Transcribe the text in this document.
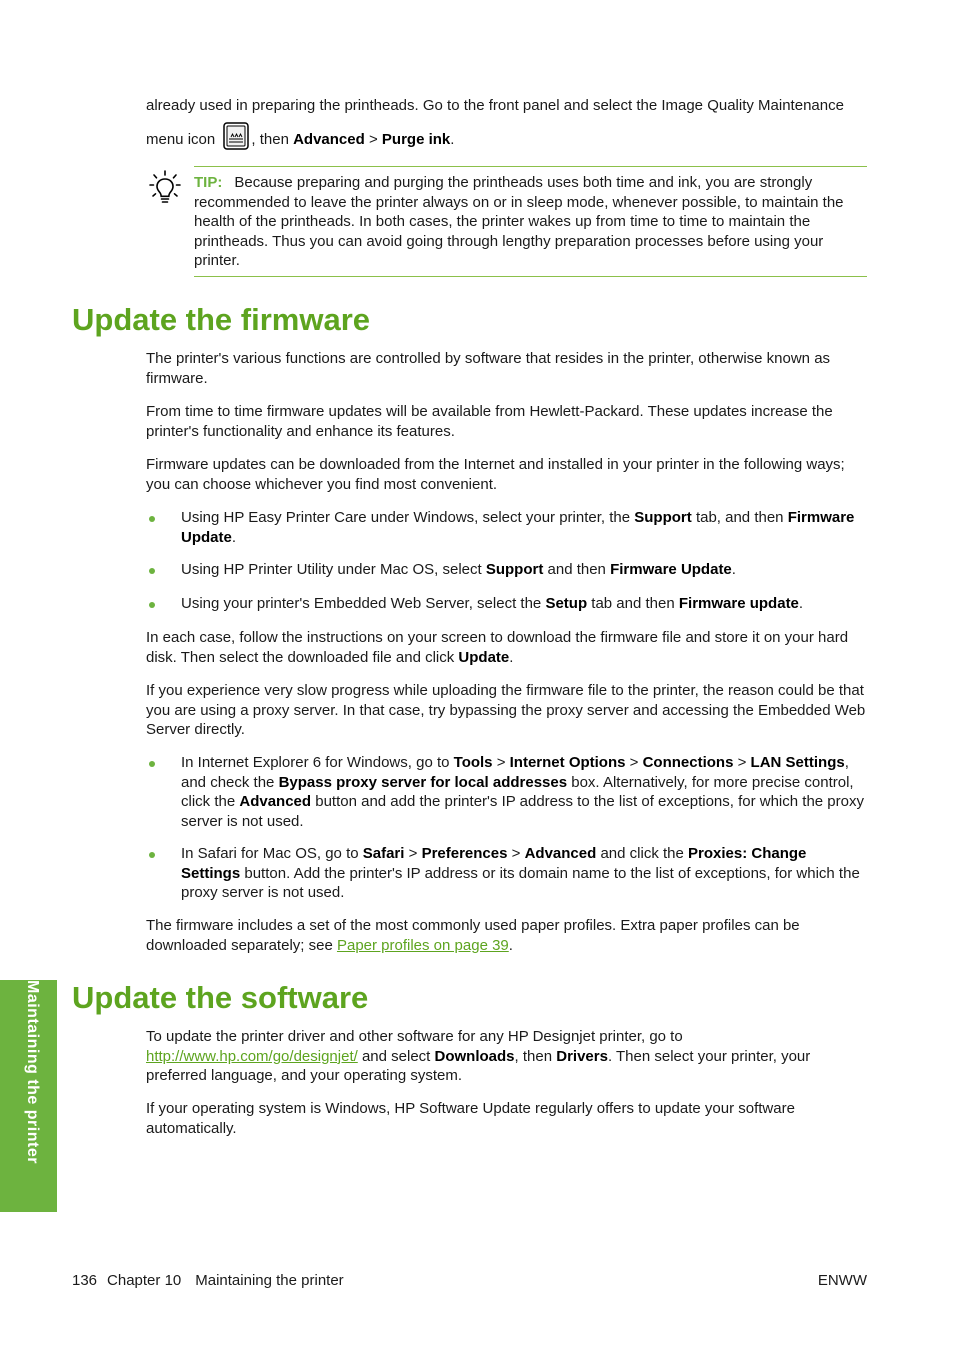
already used in preparing the printheads. Go to the front panel and select the Image Quality Maintenance

menu icon , then Advanced > Purge ink.

TIP: Because preparing and purging the printheads uses both time and ink, you are strongly recommended to leave the printer always on or in sleep mode, whenever possible, to maintain the health of the printheads. In both cases, the printer wakes up from time to time to maintain the printheads. Thus you can avoid going through lengthy preparation processes before using your printer.

Update the firmware

The printer's various functions are controlled by software that resides in the printer, otherwise known as firmware.

From time to time firmware updates will be available from Hewlett-Packard. These updates increase the printer's functionality and enhance its features.

Firmware updates can be downloaded from the Internet and installed in your printer in the following ways; you can choose whichever you find most convenient.

Using HP Easy Printer Care under Windows, select your printer, the Support tab, and then Firmware Update.

Using HP Printer Utility under Mac OS, select Support and then Firmware Update.

Using your printer's Embedded Web Server, select the Setup tab and then Firmware update.

In each case, follow the instructions on your screen to download the firmware file and store it on your hard disk. Then select the downloaded file and click Update.

If you experience very slow progress while uploading the firmware file to the printer, the reason could be that you are using a proxy server. In that case, try bypassing the proxy server and accessing the Embedded Web Server directly.

In Internet Explorer 6 for Windows, go to Tools > Internet Options > Connections > LAN Settings, and check the Bypass proxy server for local addresses box. Alternatively, for more precise control, click the Advanced button and add the printer's IP address to the list of exceptions, for which the proxy server is not used.

In Safari for Mac OS, go to Safari > Preferences > Advanced and click the Proxies: Change Settings button. Add the printer's IP address or its domain name to the list of exceptions, for which the proxy server is not used.

The firmware includes a set of the most commonly used paper profiles. Extra paper profiles can be downloaded separately; see Paper profiles on page 39.

Update the software

To update the printer driver and other software for any HP Designjet printer, go to http://www.hp.com/go/designjet/ and select Downloads, then Drivers. Then select your printer, your preferred language, and your operating system.

If your operating system is Windows, HP Software Update regularly offers to update your software automatically.

Maintaining the printer
136 Chapter 10 Maintaining the printer	ENWW
